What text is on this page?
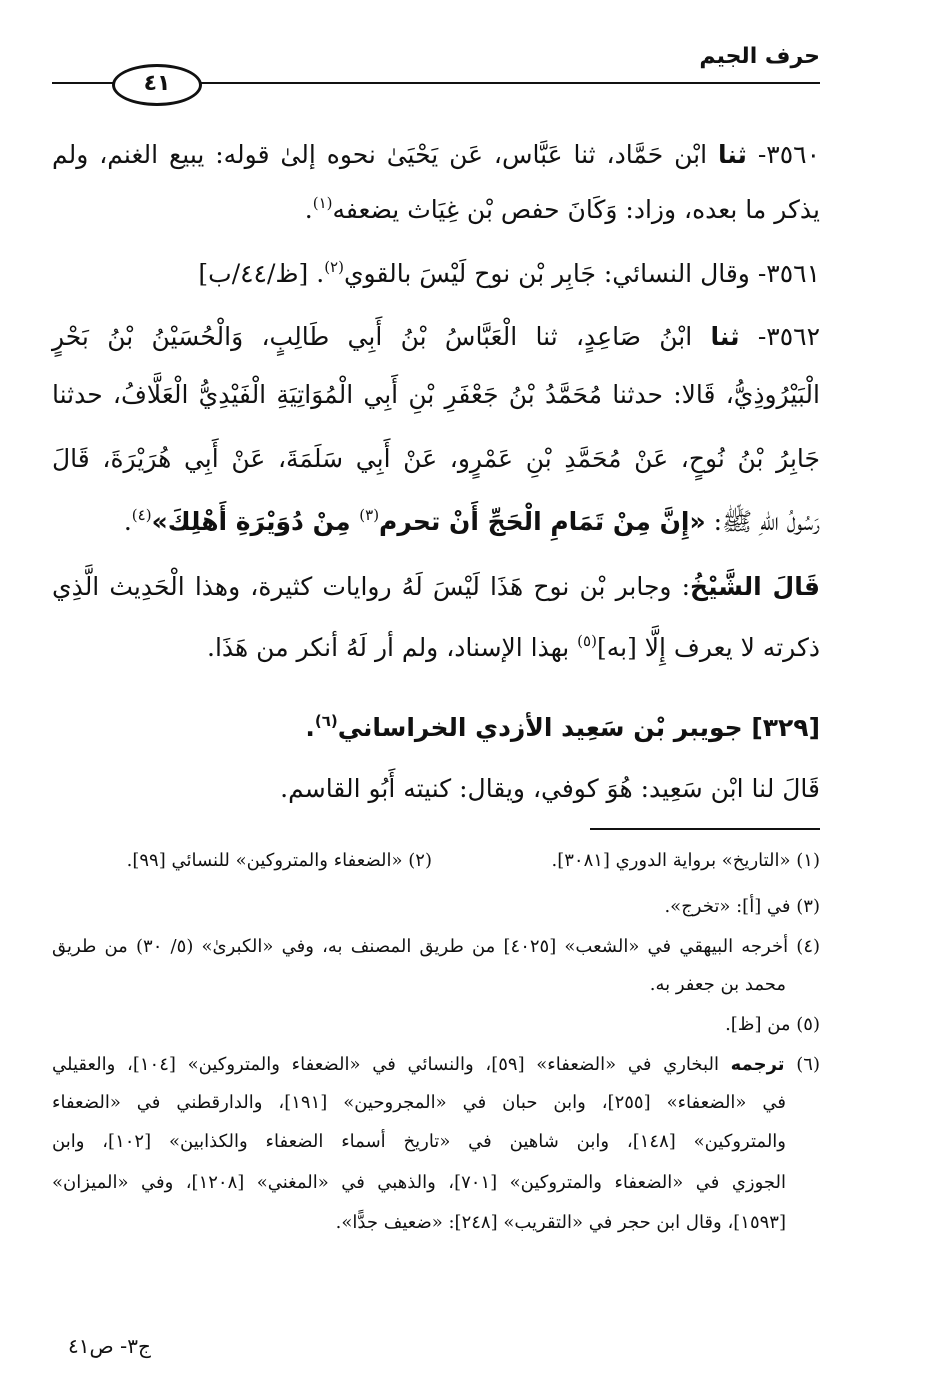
حرف الجيم
٤١
٣٥٦٠- ثنا ابْن حَمَّاد، ثنا عَبَّاس، عَن يَحْيَىٰ نحوه إلىٰ قوله: يبيع الغنم، ولم
يذكر ما بعده، وزاد: وَكَانَ حفص بْن غِيَاث يضعفه$^{(١)}$.
٣٥٦١- وقال النسائي: جَابِر بْن نوح لَيْسَ بالقوي$^{(٢)}$. [ظ/٤٤/ب]
٣٥٦٢- ثنا ابْنُ صَاعِدٍ، ثنا الْعَبَّاسُ بْنُ أَبِي طَالِبٍ، وَالْحُسَيْنُ بْنُ بَحْرٍ
الْبَيْرُوذِيُّ، قَالا: حدثنا مُحَمَّدُ بْنُ جَعْفَرِ بْنِ أَبِي الْمُوَاتِيَةِ الْفَيْدِيُّ الْعَلَّافُ، حدثنا
جَابِرُ بْنُ نُوحٍ، عَنْ مُحَمَّدِ بْنِ عَمْرٍو، عَنْ أَبِي سَلَمَةَ، عَنْ أَبِي هُرَيْرَةَ، قَالَ
رَسُولُ اللهِ ﷺ: «إِنَّ مِنْ تَمَامِ الْحَجِّ أَنْ تحرم$^{(٣)}$ مِنْ دُوَيْرَةِ أَهْلِكَ»$^{(٤)}$.
قَالَ الشَّيْخُ: وجابر بْن نوح هَذَا لَيْسَ لَهُ روايات كثيرة، وهذا الْحَدِيث الَّذِي
ذكرته لا يعرف إِلَّا [به]$^{(٥)}$ بهذا الإسناد، ولم أر لَهُ أنكر من هَذَا.
[٣٢٩] جويبر بْن سَعِيد الأزدي الخراساني$^{(٦)}$.
قَالَ لنا ابْن سَعِيد: هُوَ كوفي، ويقال: كنيته أَبُو القاسم.
(١) «التاريخ» برواية الدوري [٣٠٨١].
(٢) «الضعفاء والمتروكين» للنسائي [٩٩].
(٣) في [أ]: «تخرج».
(٤) أخرجه البيهقي في «الشعب» [٤٠٢٥] من طريق المصنف به، وفي «الكبرىٰ» (٥/ ٣٠) من طريق
محمد بن جعفر به.
(٥) من [ظ].
(٦) ترجمه البخاري في «الضعفاء» [٥٩]، والنسائي في «الضعفاء والمتروكين» [١٠٤]، والعقيلي
في «الضعفاء» [٢٥٥]، وابن حبان في «المجروحين» [١٩١]، والدارقطني في «الضعفاء
والمتروكين» [١٤٨]، وابن شاهين في «تاريخ أسماء الضعفاء والكذابين» [١٠٢]، وابن
الجوزي في «الضعفاء والمتروكين» [٧٠١]، والذهبي في «المغني» [١٢٠٨]، وفي «الميزان»
[١٥٩٣]، وقال ابن حجر في «التقريب» [٢٤٨]: «ضعيف جدًّا».
ج٣- ص٤١
